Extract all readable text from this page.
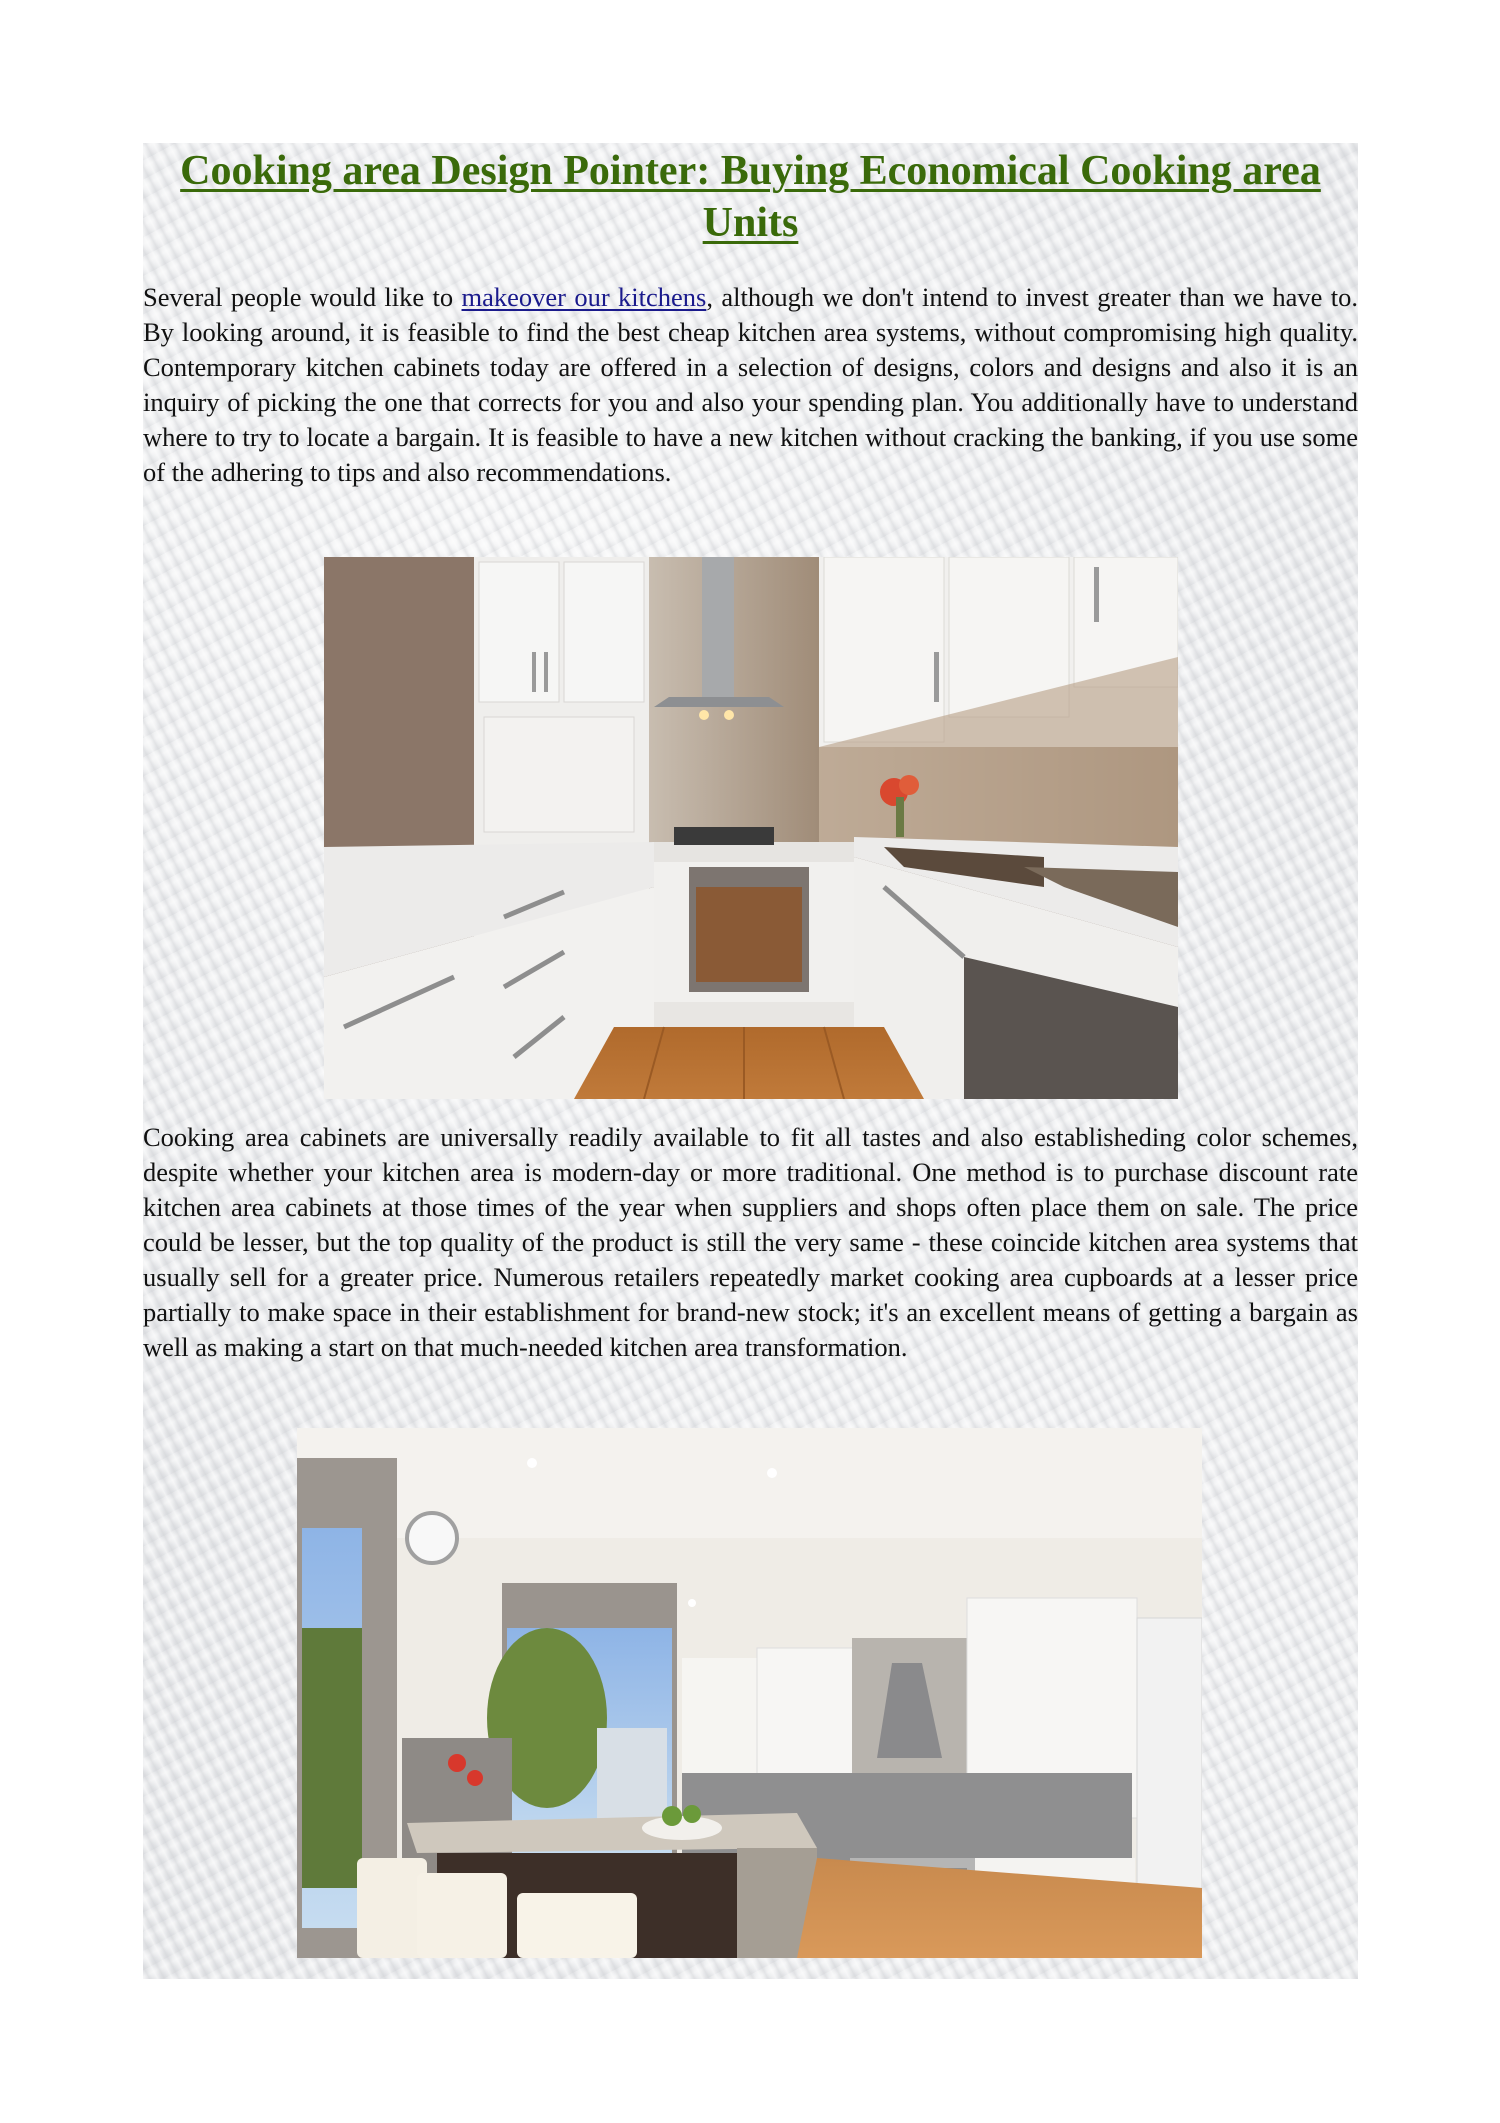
Cooking area Design Pointer: Buying Economical Cooking area Units

Several people would like to makeover our kitchens, although we don't intend to invest greater than we have to. By looking around, it is feasible to find the best cheap kitchen area systems, without compromising high quality. Contemporary kitchen cabinets today are offered in a selection of designs, colors and designs and also it is an inquiry of picking the one that corrects for you and also your spending plan. You additionally have to understand where to try to locate a bargain. It is feasible to have a new kitchen without cracking the banking, if you use some of the adhering to tips and also recommendations.

Cooking area cabinets are universally readily available to fit all tastes and also establisheding color schemes, despite whether your kitchen area is modern-day or more traditional. One method is to purchase discount rate kitchen area cabinets at those times of the year when suppliers and shops often place them on sale. The price could be lesser, but the top quality of the product is still the very same - these coincide kitchen area systems that usually sell for a greater price. Numerous retailers repeatedly market cooking area cupboards at a lesser price partially to make space in their establishment for brand-new stock; it's an excellent means of getting a bargain as well as making a start on that much-needed kitchen area transformation.
